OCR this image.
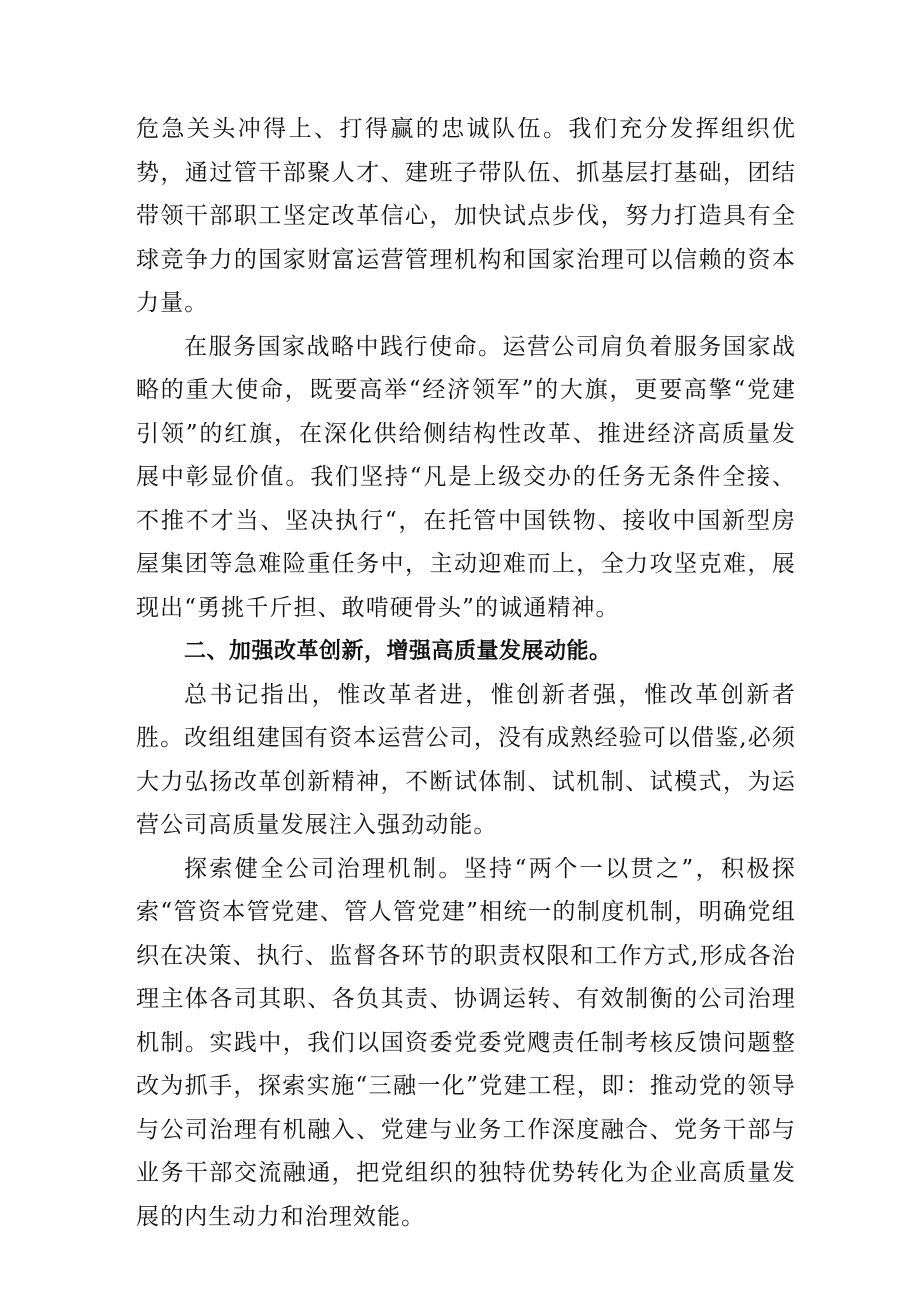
危急关头冲得上、打得赢的忠诚队伍。我们充分发挥组织优势，通过管干部聚人才、建班子带队伍、抓基层打基础，团结带领干部职工坚定改革信心，加快试点步伐，努力打造具有全球竞争力的国家财富运营管理机构和国家治理可以信赖的资本力量。

在服务国家战略中践行使命。运营公司肩负着服务国家战略的重大使命，既要高举“经济领军”的大旗，更要高擎“党建引领”的红旗，在深化供给侧结构性改革、推进经济高质量发展中彰显价值。我们坚持“凡是上级交办的任务无条件全接、不推不才当、坚决执行“，在托管中国铁物、接收中国新型房屋集团等急难险重任务中，主动迎难而上，全力攻坚克难，展现出“勇挑千斤担、敢啃硬骨头”的诚通精神。

二、加强改革创新，增强高质量发展动能。

总书记指出，惟改革者进，惟创新者强，惟改革创新者胜。改组组建国有资本运营公司，没有成熟经验可以借鉴,必须大力弘扬改革创新精神，不断试体制、试机制、试模式，为运营公司高质量发展注入强劲动能。

探索健全公司治理机制。坚持“两个一以贯之”，积极探索“管资本管党建、管人管党建”相统一的制度机制，明确党组织在决策、执行、监督各环节的职责权限和工作方式,形成各治理主体各司其职、各负其责、协调运转、有效制衡的公司治理机制。实践中，我们以国资委党委党飕责任制考核反馈问题整改为抓手，探索实施“三融一化”党建工程，即：推动党的领导与公司治理有机融入、党建与业务工作深度融合、党务干部与业务干部交流融通，把党组织的独特优势转化为企业高质量发展的内生动力和治理效能。
